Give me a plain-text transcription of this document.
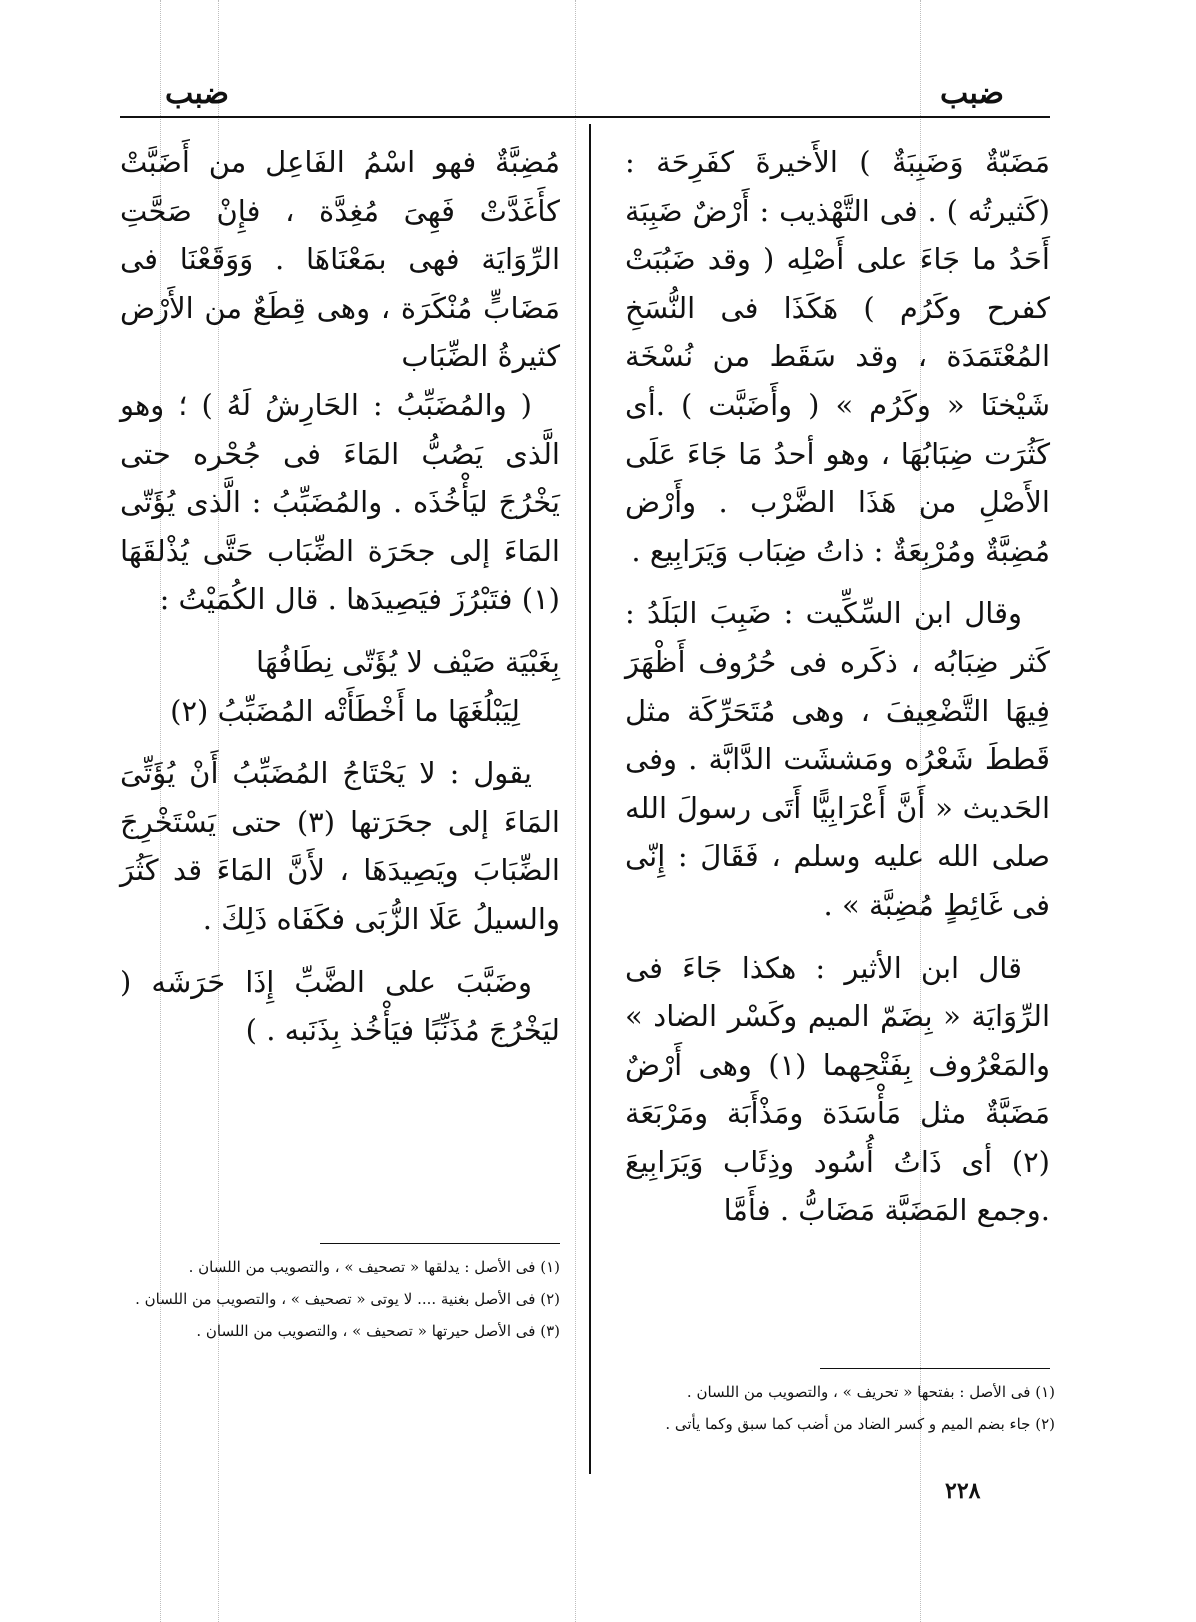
ضبب
ضبب

مَضَبّةٌ وَضَبِبَةٌ ) الأَخيرةَ كفَرِحَة : (كَثيرتُه ) . فى التَّهْذيب : أَرْضٌ ضَبِبَة أَحَدُ ما جَاءَ على أَصْلِه ( وقد ضَبُبَتْ كفرح وكَرُم ) هَكَذَا فى النُّسَخِ المُعْتَمَدَة ، وقد سَقَط من نُسْخَة شَيْخنَا « وكَرُم » ( وأَضَبَّت ) .أى كَثُرَت ضِبَابُهَا ، وهو أحدُ مَا جَاءَ عَلَى الأَصْلِ من هَذَا الضَّرْب . وأَرْض مُضِبَّةٌ ومُرْبِعَةٌ : ذاتُ ضِبَاب وَيَرَابِيع .

وقال ابن السِّكِّيت : ضَبِبَ البَلَدُ : كَثر ضِبَابُه ، ذكَره فى حُرُوف أَظْهَرَ فِيهَا التَّضْعِيفَ ، وهى مُتَحَرِّكَة مثل قَططَ شَعْرُه ومَششَت الدَّابَّة . وفى الحَديث « أَنَّ أَعْرَابِيًّا أَتَى رسولَ الله صلى الله عليه وسلم ، فَقَالَ : إِنّى فى غَائِطٍ مُضِبَّة » .

قال ابن الأثير : هكذا جَاءَ فى الرِّوَايَة « بِضَمّ الميم وكَسْر الضاد » والمَعْرُوف بِفَتْحِهما (١) وهى أَرْضٌ مَضَبَّةٌ مثل مَأْسَدَة ومَذْأَبَة ومَرْبَعَة (٢) أى ذَاتُ أُسُود وذِئَاب وَيَرَابِيعَ .وجمع المَضَبَّة مَضَابُّ . فأَمَّا

مُضِبَّةٌ فهو اسْمُ الفَاعِل من أَضَبَّتْ كأَغَدَّتْ فَهِىَ مُغِدَّة ، فإِنْ صَحَّتِ الرِّوَايَة فهى بمَعْنَاهَا . وَوَقَعْنَا فى مَضَابٍّ مُنْكَرَة ، وهى قِطَعٌ من الأَرْض كثيرةُ الضِّبَاب

( والمُضَبِّبُ : الحَارِشُ لَهُ ) ؛ وهو الَّذى يَصُبُّ المَاءَ فى جُحْره حتى يَخْرُجَ ليَأْخُذَه . والمُضَبِّبُ : الَّذى يُؤَتّى المَاءَ إلى جحَرَة الضِّبَاب حَتَّى يُذْلقَهَا (١) فتَبْرُزَ فيَصِيدَها . قال الكُمَيْتُ :

بِغَبْيَة صَيْف لا يُؤَتّى نِطَافُهَا

لِيَبْلُغَهَا ما أَخْطَأَتْه المُضَبِّبُ (٢)

يقول : لا يَحْتَاجُ المُضَبِّبُ أَنْ يُؤَتِّىَ المَاءَ إلى جحَرَتها (٣) حتى يَسْتَخْرِجَ الضِّبَابَ ويَصِيدَهَا ، لأَنَّ المَاءَ قد كَثُرَ والسيلُ عَلَا الزُّبَى فكَفَاه ذَلِكَ .

وضَبَّبَ على الضَّبِّ إِذَا حَرَشَه ( ليَخْرُجَ مُذَنِّبًا فيَأْخُذ بِذَنَبه . )

(١) فى الأصل : بفتحها « تحريف » ، والتصويب من اللسان .

(٢) جاء بضم الميم و كسر الضاد من أضب كما سبق وكما يأتى .

(١) فى الأصل : يدلقها « تصحيف » ، والتصويب من اللسان .

(٢) فى الأصل بغنية .... لا يوتى « تصحيف » ، والتصويب من اللسان .

(٣) فى الأصل حيرتها « تصحيف » ، والتصويب من اللسان .

٢٢٨
